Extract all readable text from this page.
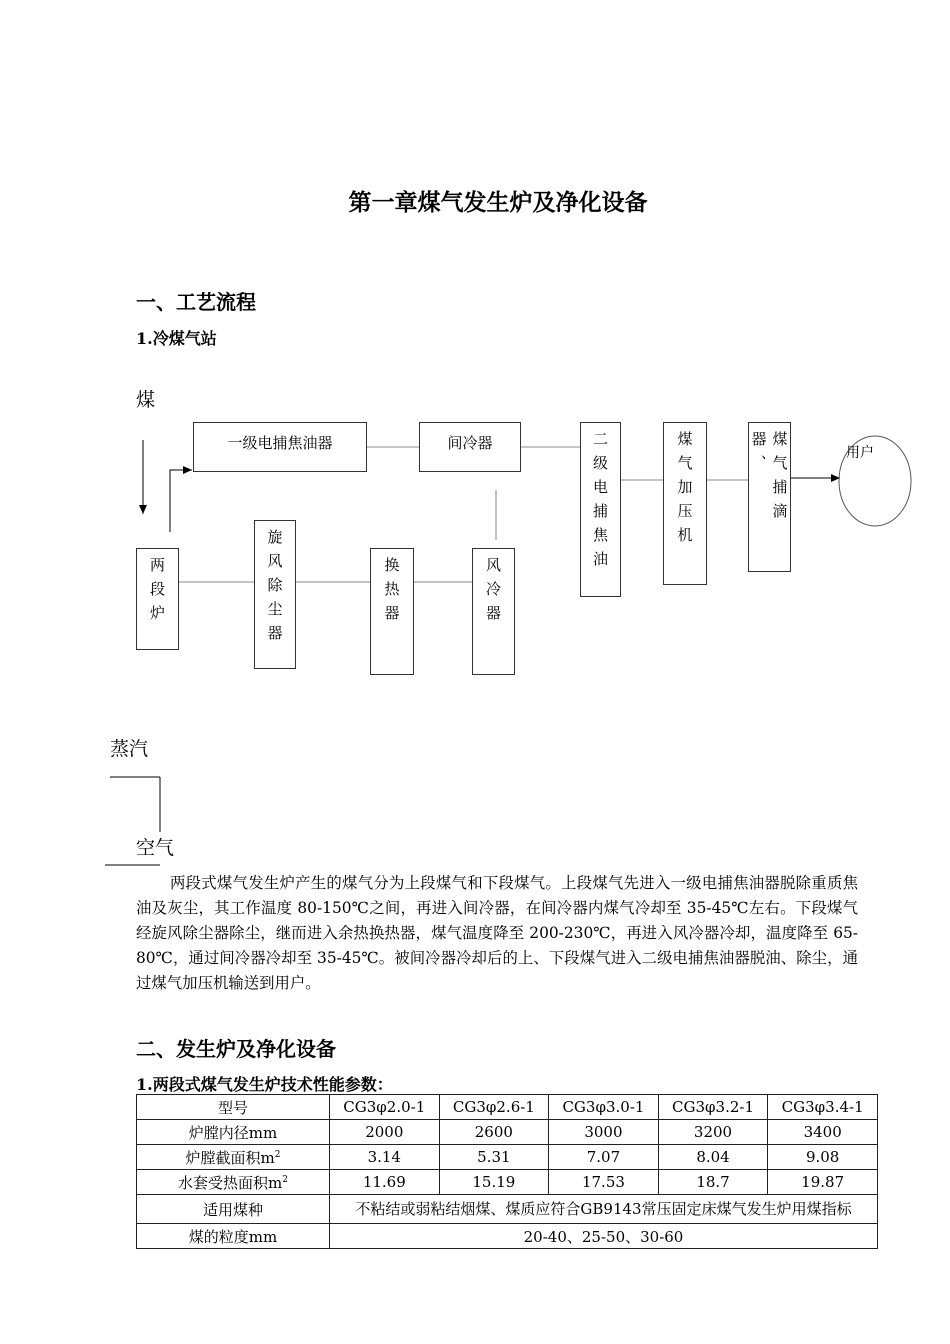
第一章煤气发生炉及净化设备
一、工艺流程
1.冷煤气站
煤
一级电捕焦油器	间冷器	二级电捕焦油	煤气加压机	煤气捕滴器、	用户
两段炉	旋风除尘器	换热器	风冷器
蒸汽
空气
两段式煤气发生炉产生的煤气分为上段煤气和下段煤气。上段煤气先进入一级电捕焦油器脱除重质焦油及灰尘，其工作温度 80-150℃之间，再进入间冷器，在间冷器内煤气冷却至 35-45℃左右。下段煤气经旋风除尘器除尘，继而进入余热换热器，煤气温度降至 200-230℃，再进入风冷器冷却，温度降至 65-80℃，通过间冷器冷却至 35-45℃。被间冷器冷却后的上、下段煤气进入二级电捕焦油器脱油、除尘，通过煤气加压机输送到用户。
二、发生炉及净化设备
1.两段式煤气发生炉技术性能参数：
型号	CG3φ2.0-1	CG3φ2.6-1	CG3φ3.0-1	CG3φ3.2-1	CG3φ3.4-1
炉膛内径mm	2000	2600	3000	3200	3400
炉膛截面积$m^2$	3.14	5.31	7.07	8.04	9.08
水套受热面积$m^2$	11.69	15.19	17.53	18.7	19.87
适用煤种	不粘结或弱粘结烟煤、煤质应符合GB9143常压固定床煤气发生炉用煤指标				
煤的粒度mm	20-40、25-50、30-60				
